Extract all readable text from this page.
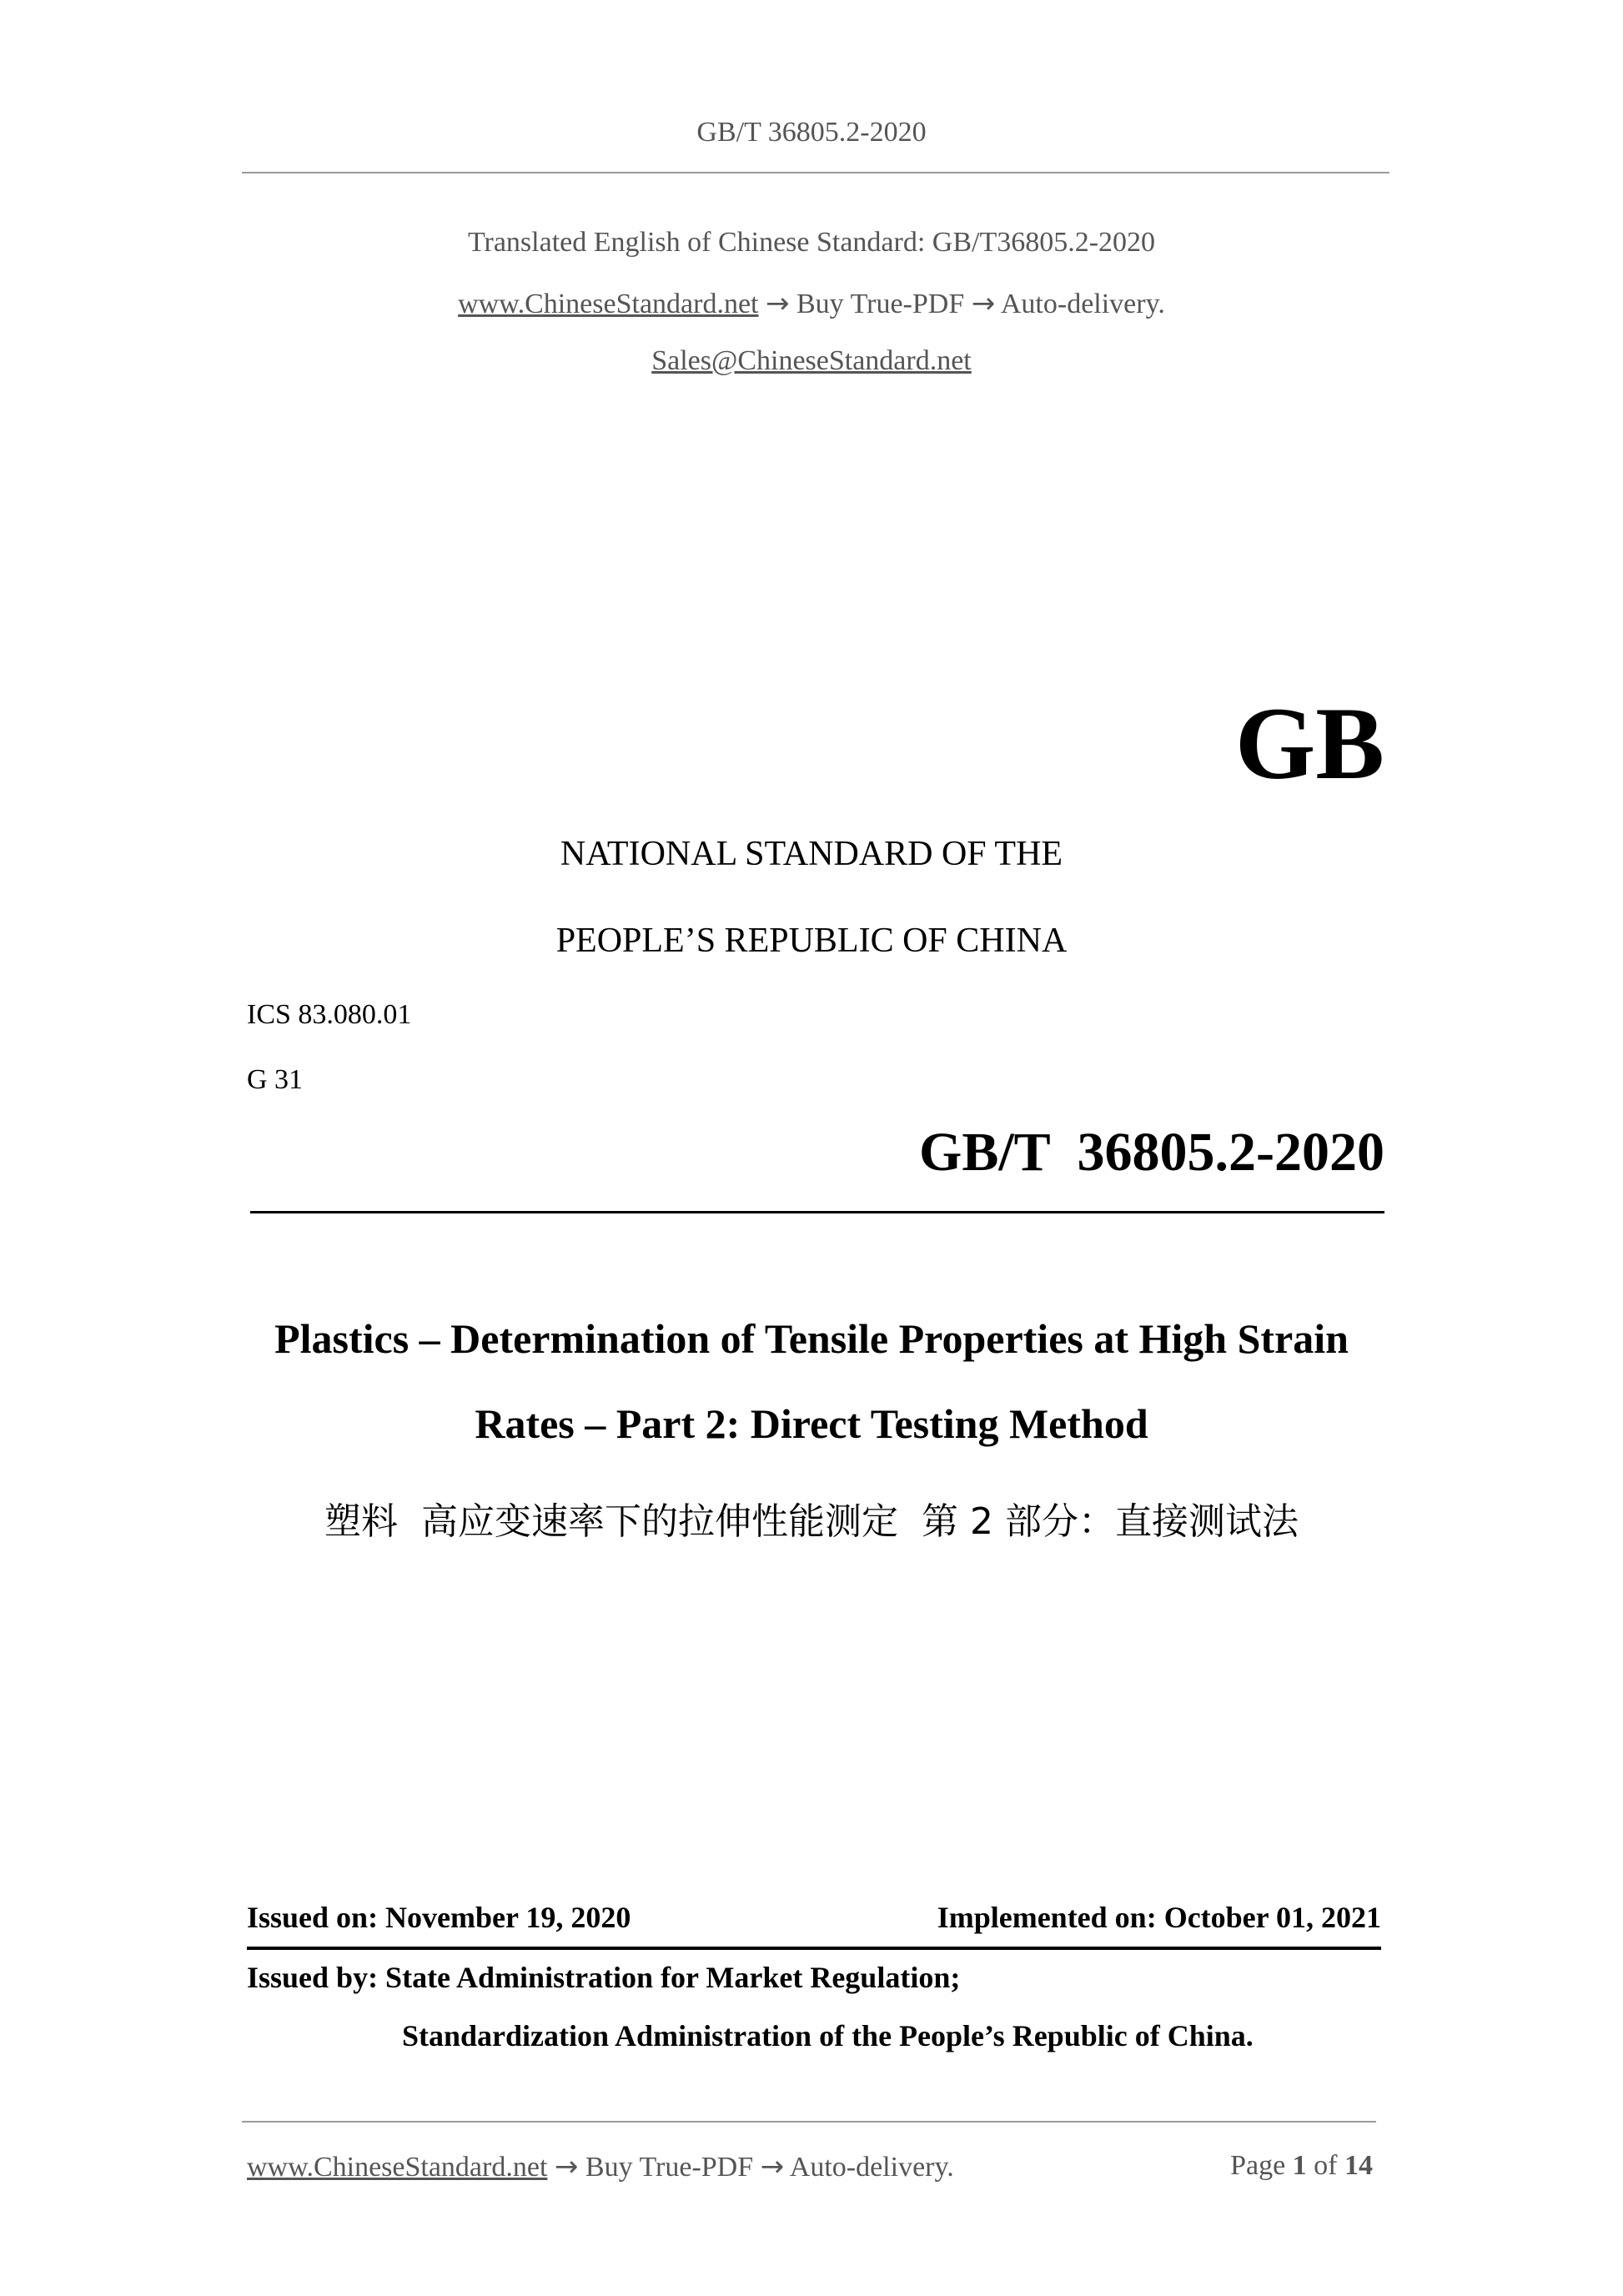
GB/T 36805.2-2020
Translated English of Chinese Standard: GB/T36805.2-2020
www.ChineseStandard.net → Buy True-PDF → Auto-delivery.
Sales@ChineseStandard.net
GB
NATIONAL STANDARD OF THE
PEOPLE’S REPUBLIC OF CHINA
ICS 83.080.01
G 31
GB/T  36805.2-2020
Plastics – Determination of Tensile Properties at High Strain
Rates – Part 2: Direct Testing Method
塑料  高应变速率下的拉伸性能测定  第 2 部分：直接测试法
Issued on: November 19, 2020	Implemented on: October 01, 2021
Issued by: State Administration for Market Regulation;
Standardization Administration of the People’s Republic of China.
www.ChineseStandard.net → Buy True-PDF → Auto-delivery.	Page 1 of 14
